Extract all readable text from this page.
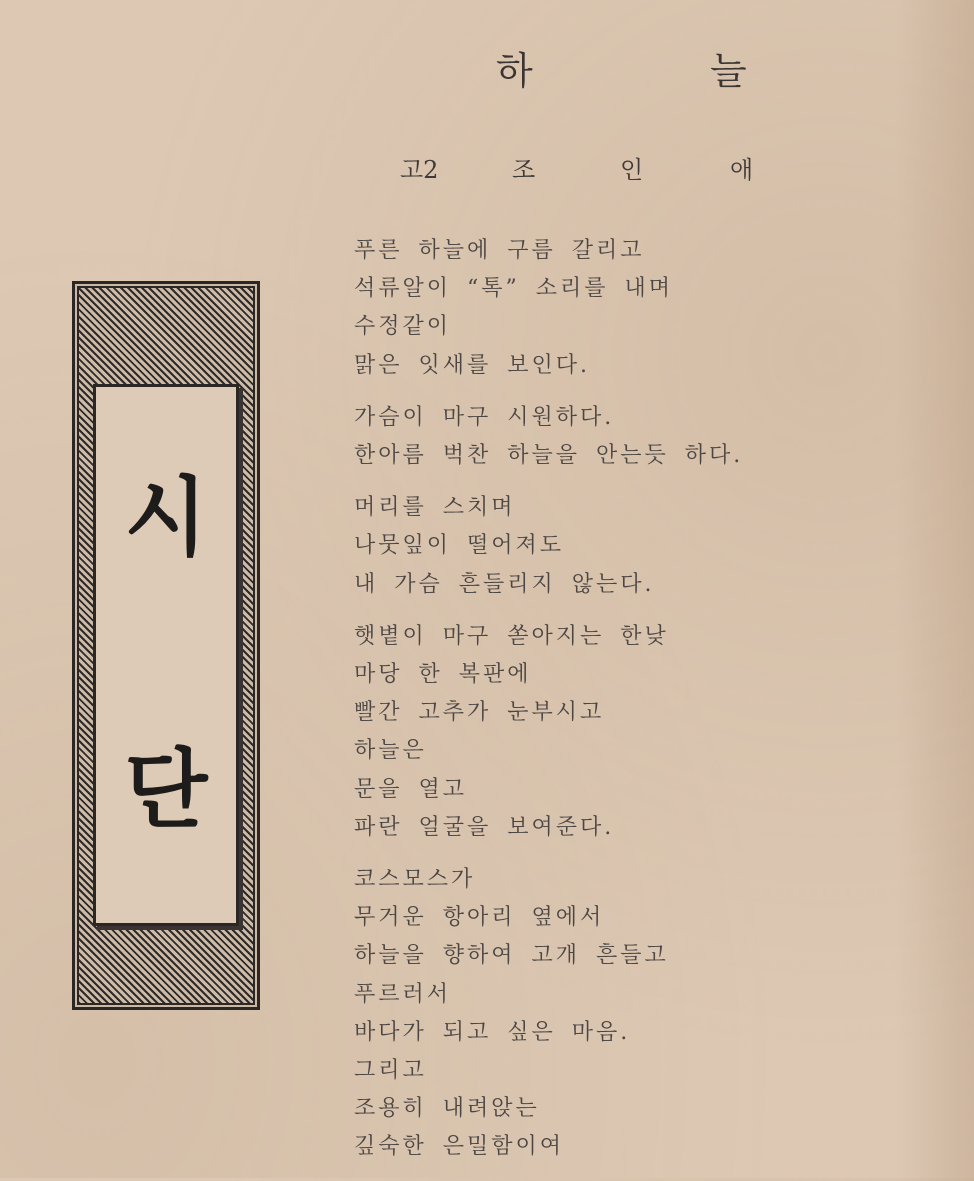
하	늘
고2	조	인	애
시
단
푸른 하늘에 구름 갈리고
석류알이 “톡” 소리를 내며
수정같이
맑은 잇새를 보인다.
가슴이 마구 시원하다.
한아름 벅찬 하늘을 안는듯 하다.
머리를 스치며
나뭇잎이 떨어져도
내 가슴 흔들리지 않는다.
햇볕이 마구 쏟아지는 한낮
마당 한 복판에
빨간 고추가 눈부시고
하늘은
문을 열고
파란 얼굴을 보여준다.
코스모스가
무거운 항아리 옆에서
하늘을 향하여 고개 흔들고
푸르러서
바다가 되고 싶은 마음.
그리고
조용히 내려앉는
깊숙한 은밀함이여
